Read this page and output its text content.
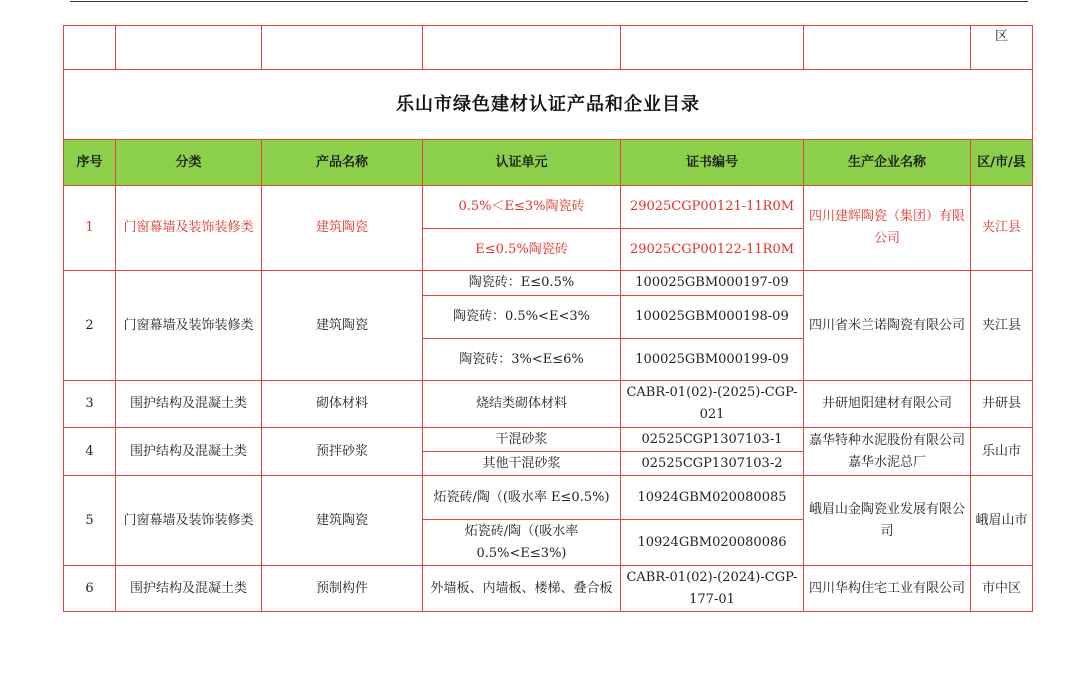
						区
乐山市绿色建材认证产品和企业目录						
序号	分类	产品名称	认证单元	证书编号	生产企业名称	区/市/县
1	门窗幕墙及装饰装修类	建筑陶瓷	0.5%＜E≤3%陶瓷砖	29025CGP00121-11R0M	四川建辉陶瓷（集团）有限公司	夹江县
			E≤0.5%陶瓷砖	29025CGP00122-11R0M		
2	门窗幕墙及装饰装修类	建筑陶瓷	陶瓷砖：E≤0.5%	100025GBM000197-09	四川省米兰诺陶瓷有限公司	夹江县
			陶瓷砖：0.5%<E<3%	100025GBM000198-09		
			陶瓷砖：3%<E≤6%	100025GBM000199-09		
3	围护结构及混凝土类	砌体材料	烧结类砌体材料	CABR-01(02)-(2025)-CGP-021	井研旭阳建材有限公司	井研县
4	围护结构及混凝土类	预拌砂浆	干混砂浆	02525CGP1307103-1	嘉华特种水泥股份有限公司嘉华水泥总厂	乐山市
			其他干混砂浆	02525CGP1307103-2		
5	门窗幕墙及装饰装修类	建筑陶瓷	炻瓷砖/陶（(吸水率 E≤0.5%)	10924GBM020080085	峨眉山金陶瓷业发展有限公司	峨眉山市
			炻瓷砖/陶（(吸水率 0.5%<E≤3%)	10924GBM020080086		
6	围护结构及混凝土类	预制构件	外墙板、内墙板、楼梯、叠合板	CABR-01(02)-(2024)-CGP-177-01	四川华构住宅工业有限公司	市中区
